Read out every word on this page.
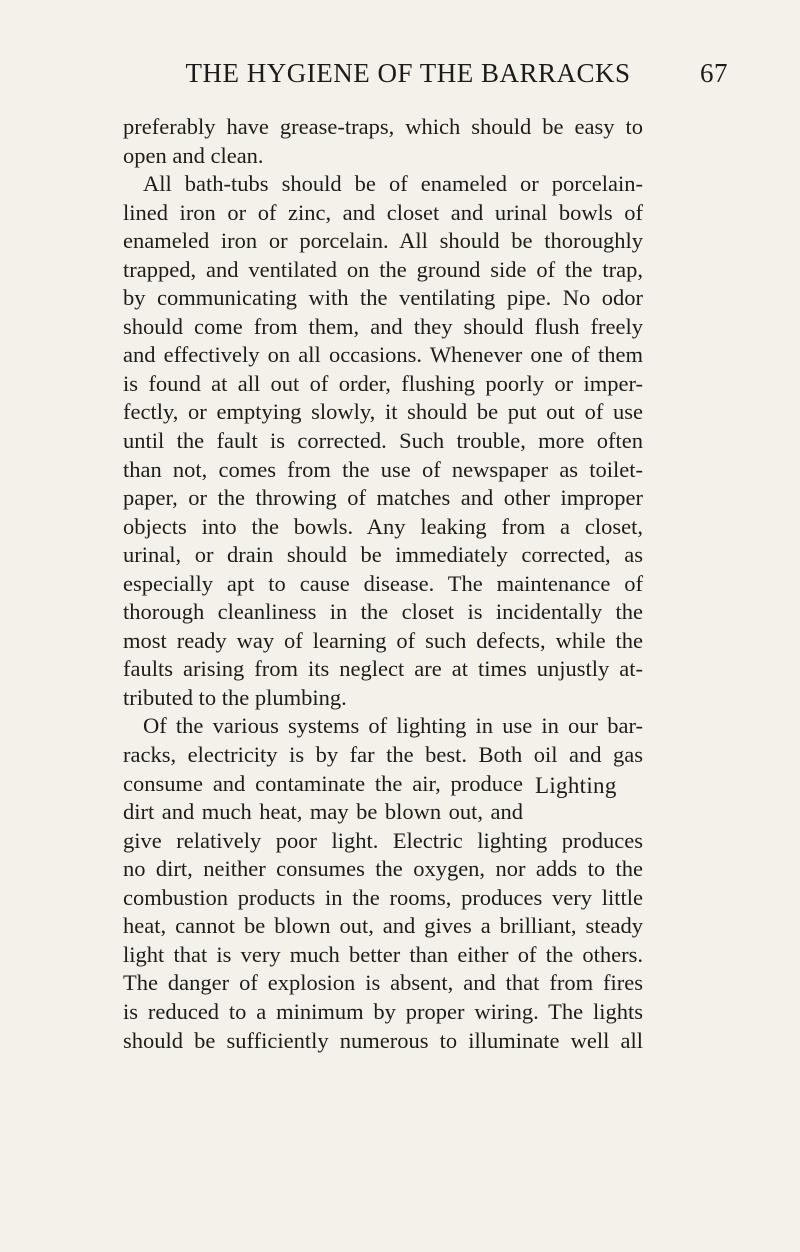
THE HYGIENE OF THE BARRACKS	67
preferably have grease-traps, which should be easy to
open and clean.
All bath-tubs should be of enameled or porcelain-
lined iron or of zinc, and closet and urinal bowls of
enameled iron or porcelain. All should be thoroughly
trapped, and ventilated on the ground side of the trap,
by communicating with the ventilating pipe. No odor
should come from them, and they should flush freely
and effectively on all occasions. Whenever one of them
is found at all out of order, flushing poorly or imper-
fectly, or emptying slowly, it should be put out of use
until the fault is corrected. Such trouble, more often
than not, comes from the use of newspaper as toilet-
paper, or the throwing of matches and other improper
objects into the bowls. Any leaking from a closet,
urinal, or drain should be immediately corrected, as
especially apt to cause disease. The maintenance of
thorough cleanliness in the closet is incidentally the
most ready way of learning of such defects, while the
faults arising from its neglect are at times unjustly at-
tributed to the plumbing.
Of the various systems of lighting in use in our bar-
racks, electricity is by far the best. Both oil and gas
consume and contaminate the air, produce
dirt and much heat, may be blown out, and
give relatively poor light. Electric lighting produces
no dirt, neither consumes the oxygen, nor adds to the
combustion products in the rooms, produces very little
heat, cannot be blown out, and gives a brilliant, steady
light that is very much better than either of the others.
The danger of explosion is absent, and that from fires
is reduced to a minimum by proper wiring. The lights
should be sufficiently numerous to illuminate well all
Lighting
